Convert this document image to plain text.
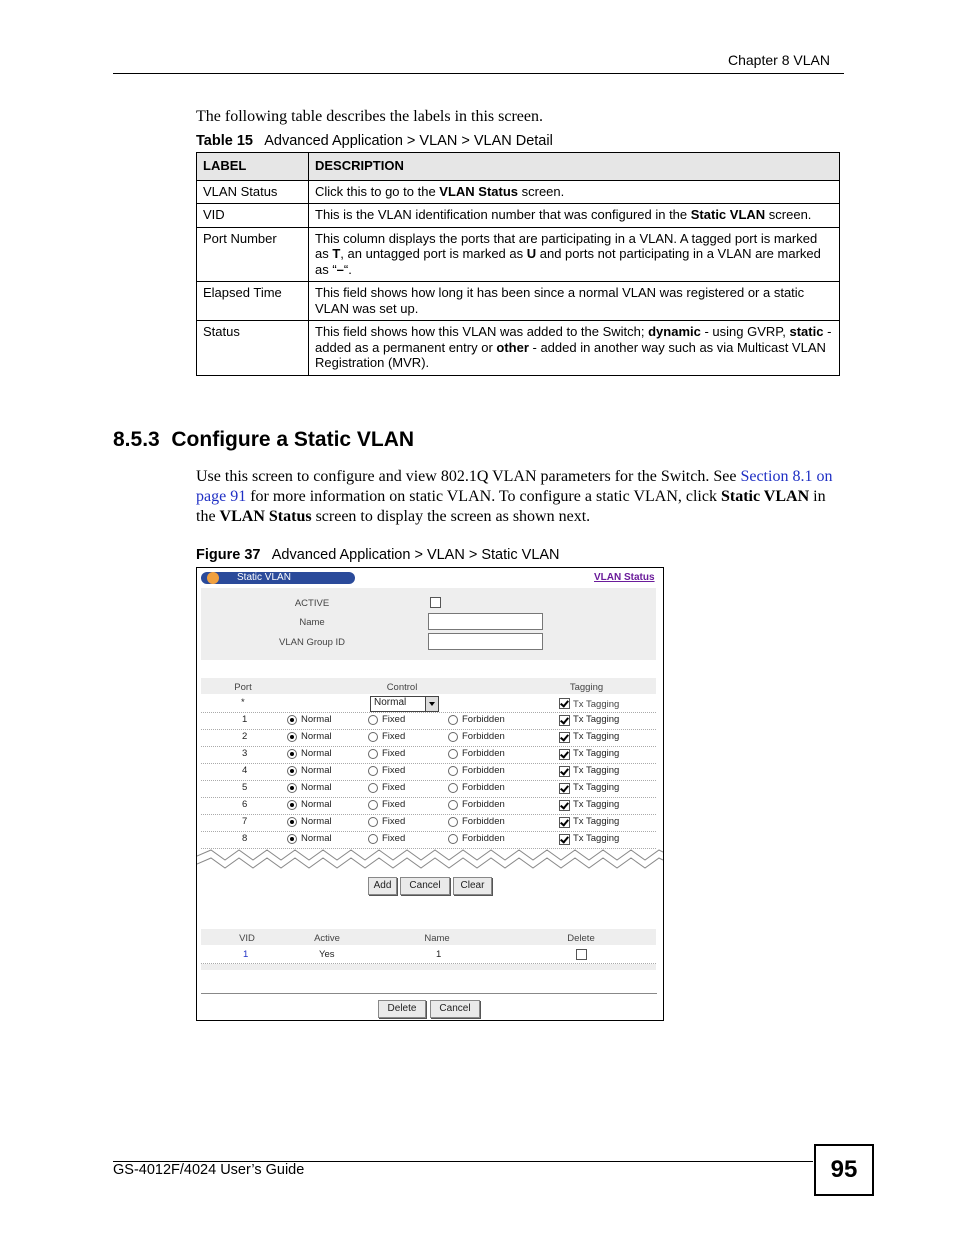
Chapter 8 VLAN
The following table describes the labels in this screen.
Table 15 Advanced Application > VLAN > VLAN Detail
LABEL	DESCRIPTION
VLAN Status	Click this to go to the VLAN Status screen.
VID	This is the VLAN identification number that was configured in the Static VLAN screen.
Port Number	This column displays the ports that are participating in a VLAN. A tagged port is marked as T, an untagged port is marked as U and ports not participating in a VLAN are marked as “–“.
Elapsed Time	This field shows how long it has been since a normal VLAN was registered or a static VLAN was set up.
Status	This field shows how this VLAN was added to the Switch; dynamic - using GVRP, static - added as a permanent entry or other - added in another way such as via Multicast VLAN Registration (MVR).
8.5.3 Configure a Static VLAN
Use this screen to configure and view 802.1Q VLAN parameters for the Switch. See Section 8.1 on page 91 for more information on static VLAN. To configure a static VLAN, click Static VLAN in the VLAN Status screen to display the screen as shown next.
Figure 37 Advanced Application > VLAN > Static VLAN
Static VLAN	VLAN Status
ACTIVE
Name
VLAN Group ID
Port	Control	Tagging
*	Normal	Tx Tagging
1	Normal	Fixed	Forbidden	Tx Tagging
2	Normal	Fixed	Forbidden	Tx Tagging
3	Normal	Fixed	Forbidden	Tx Tagging
4	Normal	Fixed	Forbidden	Tx Tagging
5	Normal	Fixed	Forbidden	Tx Tagging
6	Normal	Fixed	Forbidden	Tx Tagging
7	Normal	Fixed	Forbidden	Tx Tagging
8	Normal	Fixed	Forbidden	Tx Tagging
Add	Cancel	Clear
VID	Active	Name	Delete
1	Yes	1
Delete	Cancel
GS-4012F/4024 User’s Guide	95
